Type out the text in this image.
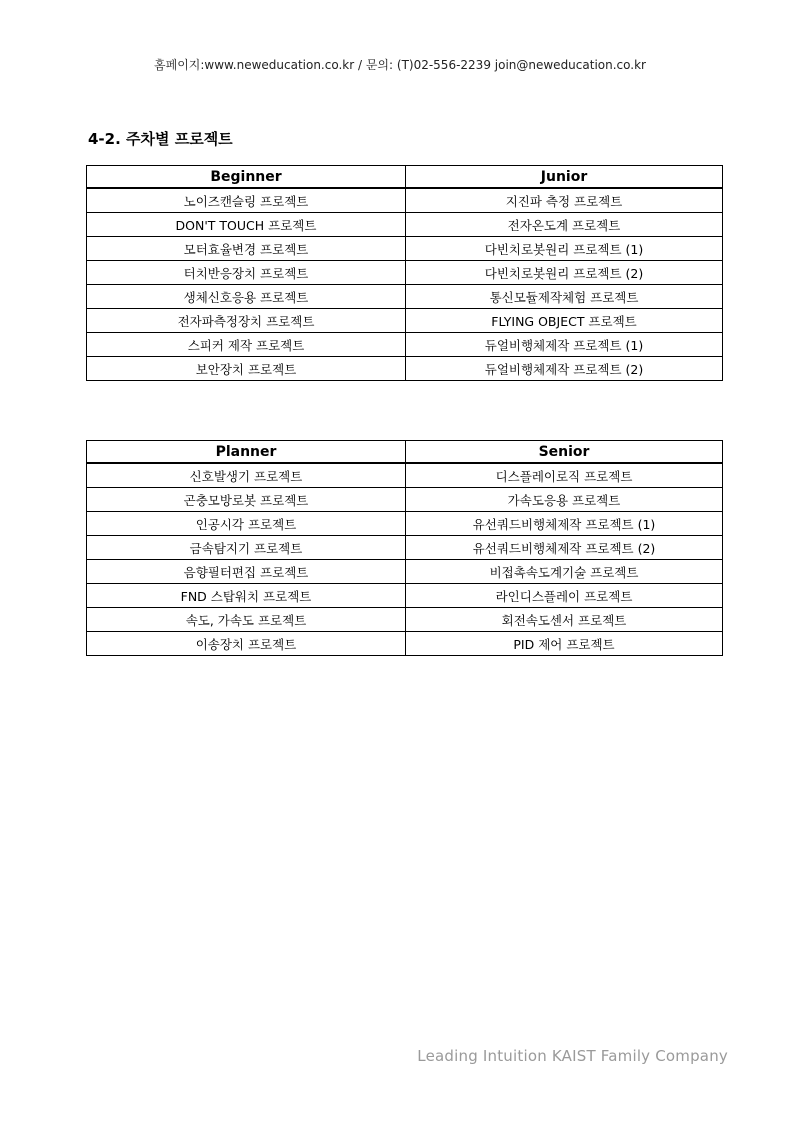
홈페이지:www.neweducation.co.kr / 문의: (T)02-556-2239 join@neweducation.co.kr
4-2. 주차별 프로젝트
Beginner	Junior
노이즈캔슬링 프로젝트	지진파 측정 프로젝트
DON'T TOUCH 프로젝트	전자온도계 프로젝트
모터효율변경 프로젝트	다빈치로봇원리 프로젝트 (1)
터치반응장치 프로젝트	다빈치로봇원리 프로젝트 (2)
생체신호응용 프로젝트	통신모듈제작체험 프로젝트
전자파측정장치 프로젝트	FLYING OBJECT 프로젝트
스피커 제작 프로젝트	듀얼비행체제작 프로젝트 (1)
보안장치 프로젝트	듀얼비행체제작 프로젝트 (2)
Planner	Senior
신호발생기 프로젝트	디스플레이로직 프로젝트
곤충모방로봇 프로젝트	가속도응용 프로젝트
인공시각 프로젝트	유선쿼드비행체제작 프로젝트 (1)
금속탐지기 프로젝트	유선쿼드비행체제작 프로젝트 (2)
음향필터편집 프로젝트	비접촉속도계기술 프로젝트
FND 스탑워치 프로젝트	라인디스플레이 프로젝트
속도, 가속도 프로젝트	회전속도센서 프로젝트
이송장치 프로젝트	PID 제어 프로젝트
Leading Intuition KAIST Family Company
